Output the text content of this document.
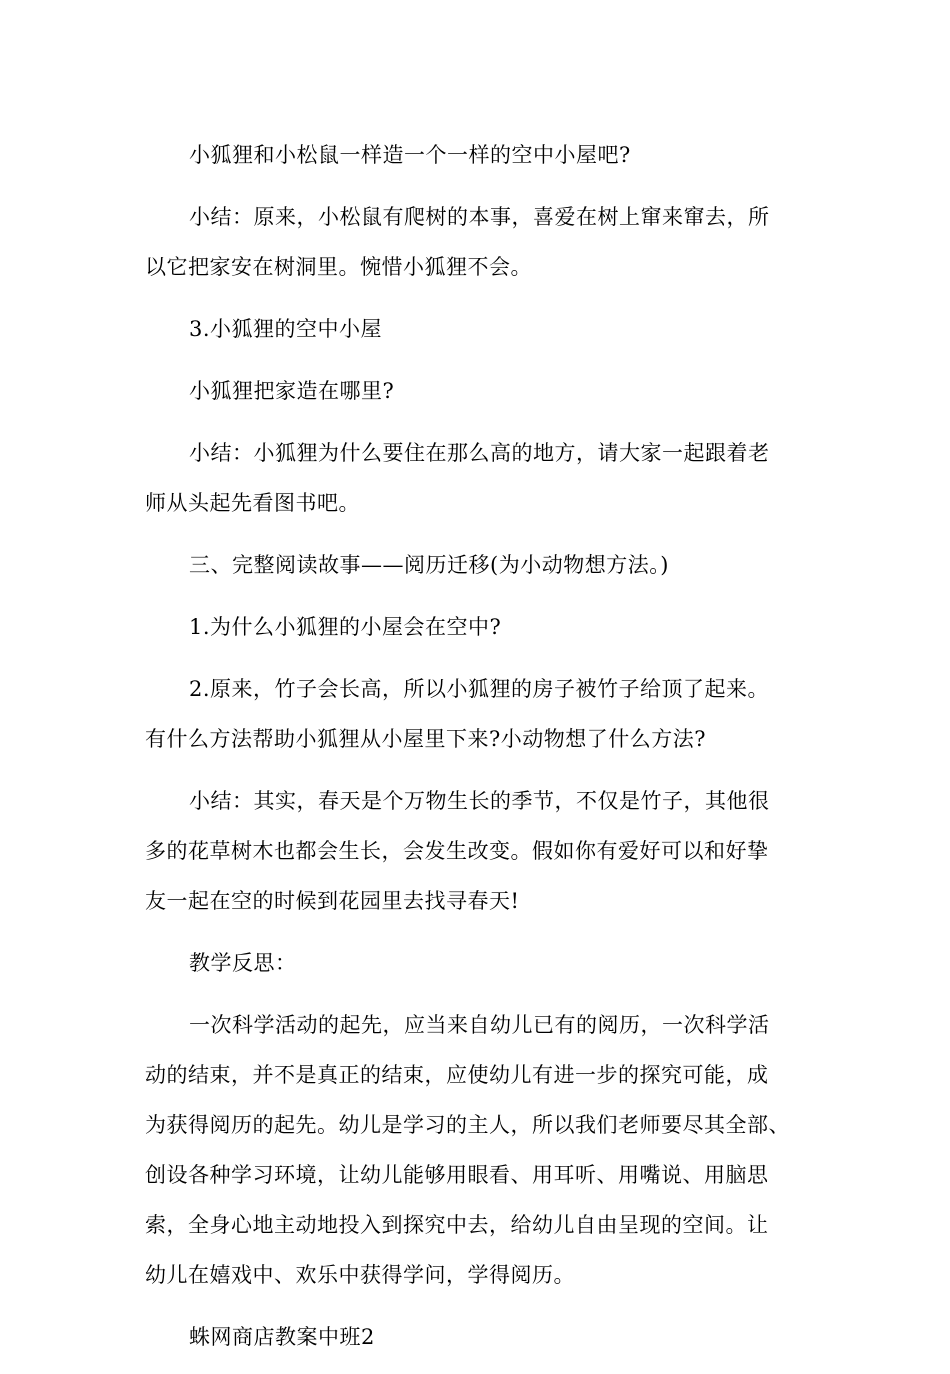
小狐狸和小松鼠一样造一个一样的空中小屋吧?

小结：原来，小松鼠有爬树的本事，喜爱在树上窜来窜去，所
以它把家安在树洞里。惋惜小狐狸不会。

3.小狐狸的空中小屋

小狐狸把家造在哪里?

小结：小狐狸为什么要住在那么高的地方，请大家一起跟着老
师从头起先看图书吧。

三、完整阅读故事——阅历迁移(为小动物想方法。)

1.为什么小狐狸的小屋会在空中?

2.原来，竹子会长高，所以小狐狸的房子被竹子给顶了起来。
有什么方法帮助小狐狸从小屋里下来?小动物想了什么方法?

小结：其实，春天是个万物生长的季节，不仅是竹子，其他很
多的花草树木也都会生长，会发生改变。假如你有爱好可以和好挚
友一起在空的时候到花园里去找寻春天!

教学反思：

一次科学活动的起先，应当来自幼儿已有的阅历，一次科学活
动的结束，并不是真正的结束，应使幼儿有进一步的探究可能，成
为获得阅历的起先。幼儿是学习的主人，所以我们老师要尽其全部、
创设各种学习环境，让幼儿能够用眼看、用耳听、用嘴说、用脑思
索，全身心地主动地投入到探究中去，给幼儿自由呈现的空间。让
幼儿在嬉戏中、欢乐中获得学问，学得阅历。

蛛网商店教案中班2
